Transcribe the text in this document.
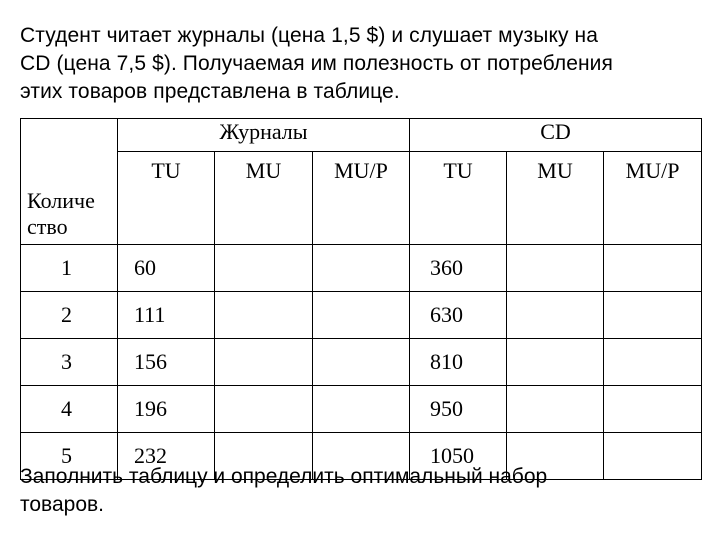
Студент читает журналы (цена 1,5 $) и слушает музыку на
CD (цена 7,5 $). Получаемая им полезность от потребления
этих товаров представлена в таблице.
Количе
ство	Журналы			CD		
	TU	MU	MU/P	TU	MU	MU/P
1	60			360		
2	111			630		
3	156			810		
4	196			950		
5	232			1050		
Заполнить таблицу и определить оптимальный набор
товаров.
